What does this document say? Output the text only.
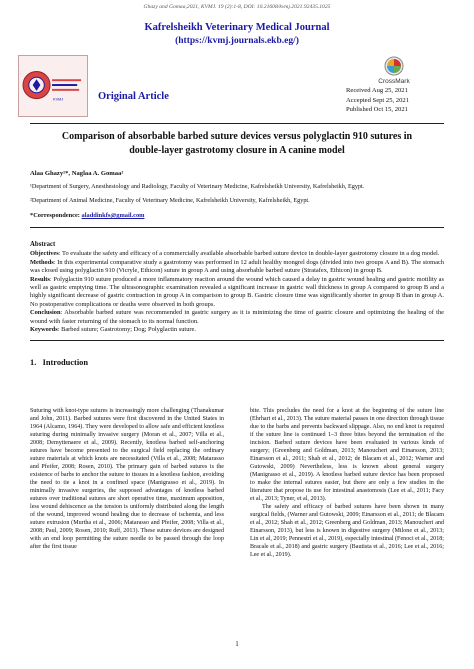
Ghazy and Gomaa,2021, KVMJ. 19 (2):1-8, DOI: 10.21608/kvmj.2021.92435.1025
KVMJ
Kafrelsheikh Veterinary Medical Journal
(https://kvmj.journals.ekb.eg/)
Original Article
CrossMark
Received Aug 25, 2021
Accepted Sept 25, 2021
Published Oct 15, 2021
Comparison of absorbable barbed suture devices versus polyglactin 910 sutures in
double-layer gastrotomy closure in A canine model
Alaa Ghazy¹*, Naglaa A. Gomaa²
¹Department of Surgery, Anesthesiology and Radiology, Faculty of Veterinary Medicine, Kafrelsheikh University, Kafrelsheikh, Egypt.
²Department of Animal Medicine, Faculty of Veterinary Medicine, Kafrelsheikh University, Kafrelsheikh, Egypt.
*Correspondence: aladdinkfs@gmail.com
Abstract
Objectives: To evaluate the safety and efficacy of a commercially available absorbable barbed suture device in double-layer gastrotomy closure in a dog model.
Methods: In this experimental comparative study a gastrotomy was performed in 12 adult healthy mongrel dogs (divided into two groups A and B). The stomach was closed using polyglactin 910 (Vicryle, Ethicon) suture in group A and using absorbable barbed suture (Stratafex, Ethicon) in group B.
Results: Polyglactin 910 suture produced a more inflammatory reaction around the wound which caused a delay in gastric wound healing and gastric motility as well as gastric emptying time. The ultrasonographic examination revealed a significant increase in gastric wall thickness in group A compared to group B and a highly significant decrease of gastric contraction in group A in comparison to group B. Gastric closure time was significantly shorter in group B than in group A. No postoperative complications or deaths were observed in both groups.
Conclusion: Absorbable barbed suture was recommended in gastric surgery as it is minimizing the time of gastric closure and optimizing the healing of the wound with faster returning of the stomach to its normal function.
Keywords: Barbed suture; Gastrotomy; Dog; Polyglactin suture.
1. Introduction

Suturing with knot-type sutures is increasingly more challenging (Thanakumar and John, 2011). Barbed sutures were first discovered in the United States in 1964 (Alcamo, 1964). They were developed to allow safe and efficient knotless suturing during minimally invasive surgery (Moran et al., 2007; Villa et al., 2008; Demyttenaere et al., 2009). Recently, knotless barbed self-anchoring sutures have become presented to the surgical field replacing the ordinary suture materials at which knots are necessitated (Villa et al., 2008; Matarasso and Pfeifer, 2008; Rosen, 2010). The primary gain of barbed sutures is the existence of barbs to anchor the suture to tissues in a knotless fashion, avoiding the need to tie a knot in a confined space (Manigrasso et al., 2019). In minimally invasive surgeries, the supposed advantages of knotless barbed sutures over traditional sutures are short operative time, maximum apposition, less wound dehiscence as the tension is uniformly distributed along the length of the wound, improved wound healing due to decrease of ischemia, and less suture extrusion (Murtha et al., 2006; Matarasso and Pfeifer, 2008; Villa et al., 2008; Paul, 2009; Rosen, 2010; Ruff, 2013). These suture devices are designed with an end loop permitting the suture needle to be passed through the loop after the first tissue

bite. This precludes the need for a knot at the beginning of the suture line (Ehrhart et al., 2013). The suture material passes in one direction through tissue due to the barbs and prevents backward slippage. Also, no end knot is required if the suture line is continued 1–3 three bites beyond the termination of the incision. Barbed suture devices have been evaluated in various kinds of surgery; (Greenberg and Goldman, 2013; Manoucheri and Einarsson, 2013; Einarsson et al., 2011; Shah et al., 2012; de Blacam et al., 2012; Warner and Gutowski, 2009) Nevertheless, less is known about general surgery (Manigrasso et al., 2019). A knotless barbed suture device has been proposed to make the internal sutures easier, but there are only a few studies in the literature that propose its use for intestinal anastomosis (Lee et al., 2011; Facy et al., 2013; Tyner, et al, 2013).

The safety and efficacy of barbed sutures have been shown in many surgical fields, (Warner and Gutowski, 2009; Einarsson et al., 2011; de Blacam et al., 2012; Shah et al., 2012; Greenberg and Goldman, 2013; Manoucheri and Einarsson, 2013), but less is known in digestive surgery (Milone et al., 2013; Lin et al, 2019; Pennestrì et al., 2019), especially intestinal (Fenoci et al., 2018; Bracale et al., 2018) and gastric surgery (Bautista et al., 2016; Lee et al., 2016; Lee et al., 2019).

1
